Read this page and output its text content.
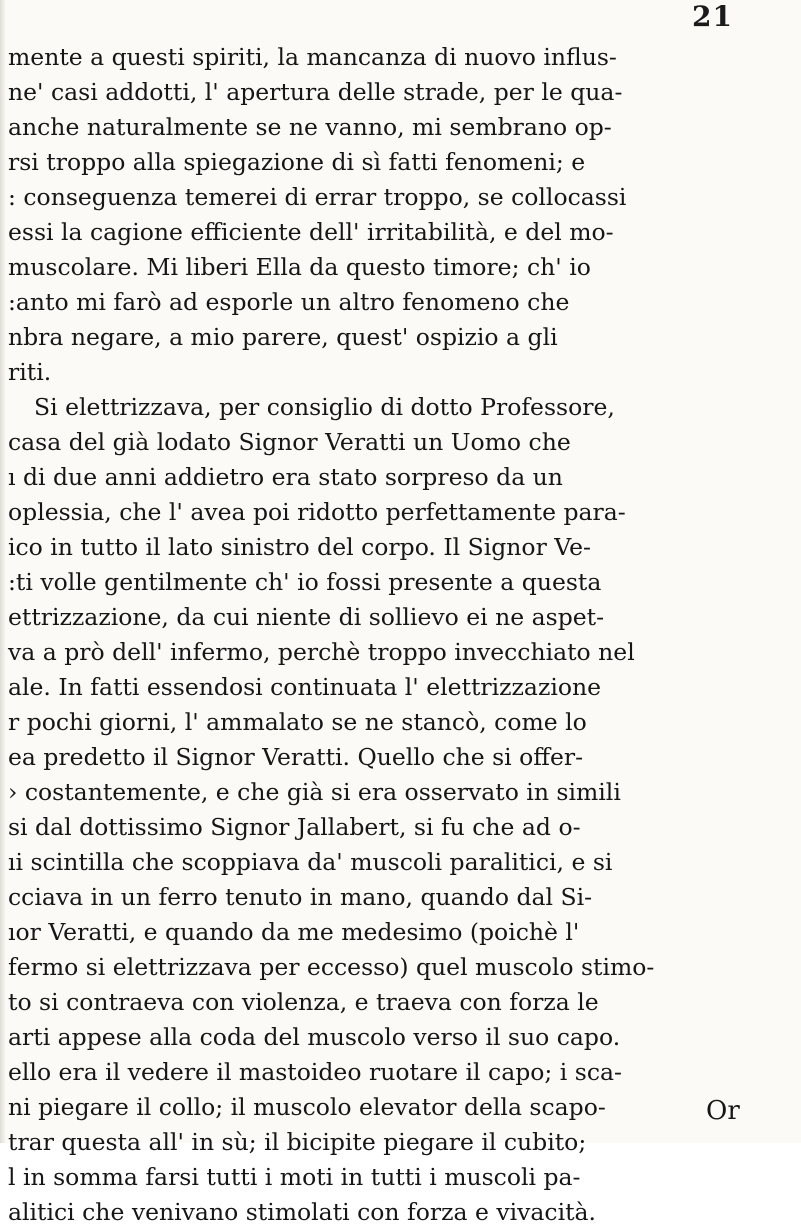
21
mente a questi spiriti, la mancanza di nuovo influs-
ne' casi addotti, l' apertura delle strade, per le qua-
anche naturalmente se ne vanno, mi sembrano op-
rsi troppo alla spiegazione di sì fatti fenomeni; e
: conseguenza temerei di errar troppo, se collocassi
essi la cagione efficiente dell' irritabilità, e del mo-
muscolare. Mi liberi Ella da questo timore; ch' io
:anto mi farò ad esporle un altro fenomeno che
nbra negare, a mio parere, quest' ospizio a gli
riti.
Si elettrizzava, per consiglio di dotto Professore,
casa del già lodato Signor Veratti un Uomo che
ı di due anni addietro era stato sorpreso da un
oplessia, che l' avea poi ridotto perfettamente para-
ico in tutto il lato sinistro del corpo. Il Signor Ve-
:ti volle gentilmente ch' io fossi presente a questa
ettrizzazione, da cui niente di sollievo ei ne aspet-
va a prò dell' infermo, perchè troppo invecchiato nel
ale. In fatti essendosi continuata l' elettrizzazione
r pochi giorni, l' ammalato se ne stancò, come lo
ea predetto il Signor Veratti. Quello che si offer-
› costantemente, e che già si era osservato in simili
si dal dottissimo Signor Jallabert, si fu che ad o-
ıi scintilla che scoppiava da' muscoli paralitici, e si
cciava in un ferro tenuto in mano, quando dal Si-
ıor Veratti, e quando da me medesimo (poichè l'
fermo si elettrizzava per eccesso) quel muscolo stimo-
to si contraeva con violenza, e traeva con forza le
arti appese alla coda del muscolo verso il suo capo.
ello era il vedere il mastoideo ruotare il capo; i sca-
ni piegare il collo; il muscolo elevator della scapo-
trar questa all' in sù; il bicipite piegare il cubito;
l in somma farsi tutti i moti in tutti i muscoli pa-
alitici che venivano stimolati con forza e vivacità.
Or
